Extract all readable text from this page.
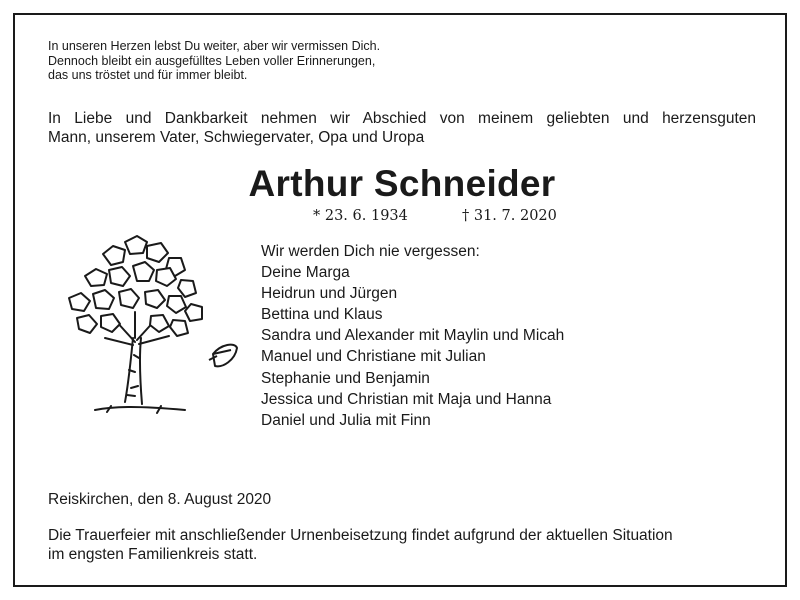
In unseren Herzen lebst Du weiter, aber wir vermissen Dich.
Dennoch bleibt ein ausgefülltes Leben voller Erinnerungen,
das uns tröstet und für immer bleibt.
In Liebe und Dankbarkeit nehmen wir Abschied von meinem geliebten und herzensguten
Mann, unserem Vater, Schwiegervater, Opa und Uropa
Arthur Schneider
* 23. 6. 1934	† 31. 7. 2020
Wir werden Dich nie vergessen:
Deine Marga
Heidrun und Jürgen
Bettina und Klaus
Sandra und Alexander mit Maylin und Micah
Manuel und Christiane mit Julian
Stephanie und Benjamin
Jessica und Christian mit Maja und Hanna
Daniel und Julia mit Finn
Reiskirchen, den 8. August 2020
Die Trauerfeier mit anschließender Urnenbeisetzung findet aufgrund der aktuellen Situation
im engsten Familienkreis statt.
